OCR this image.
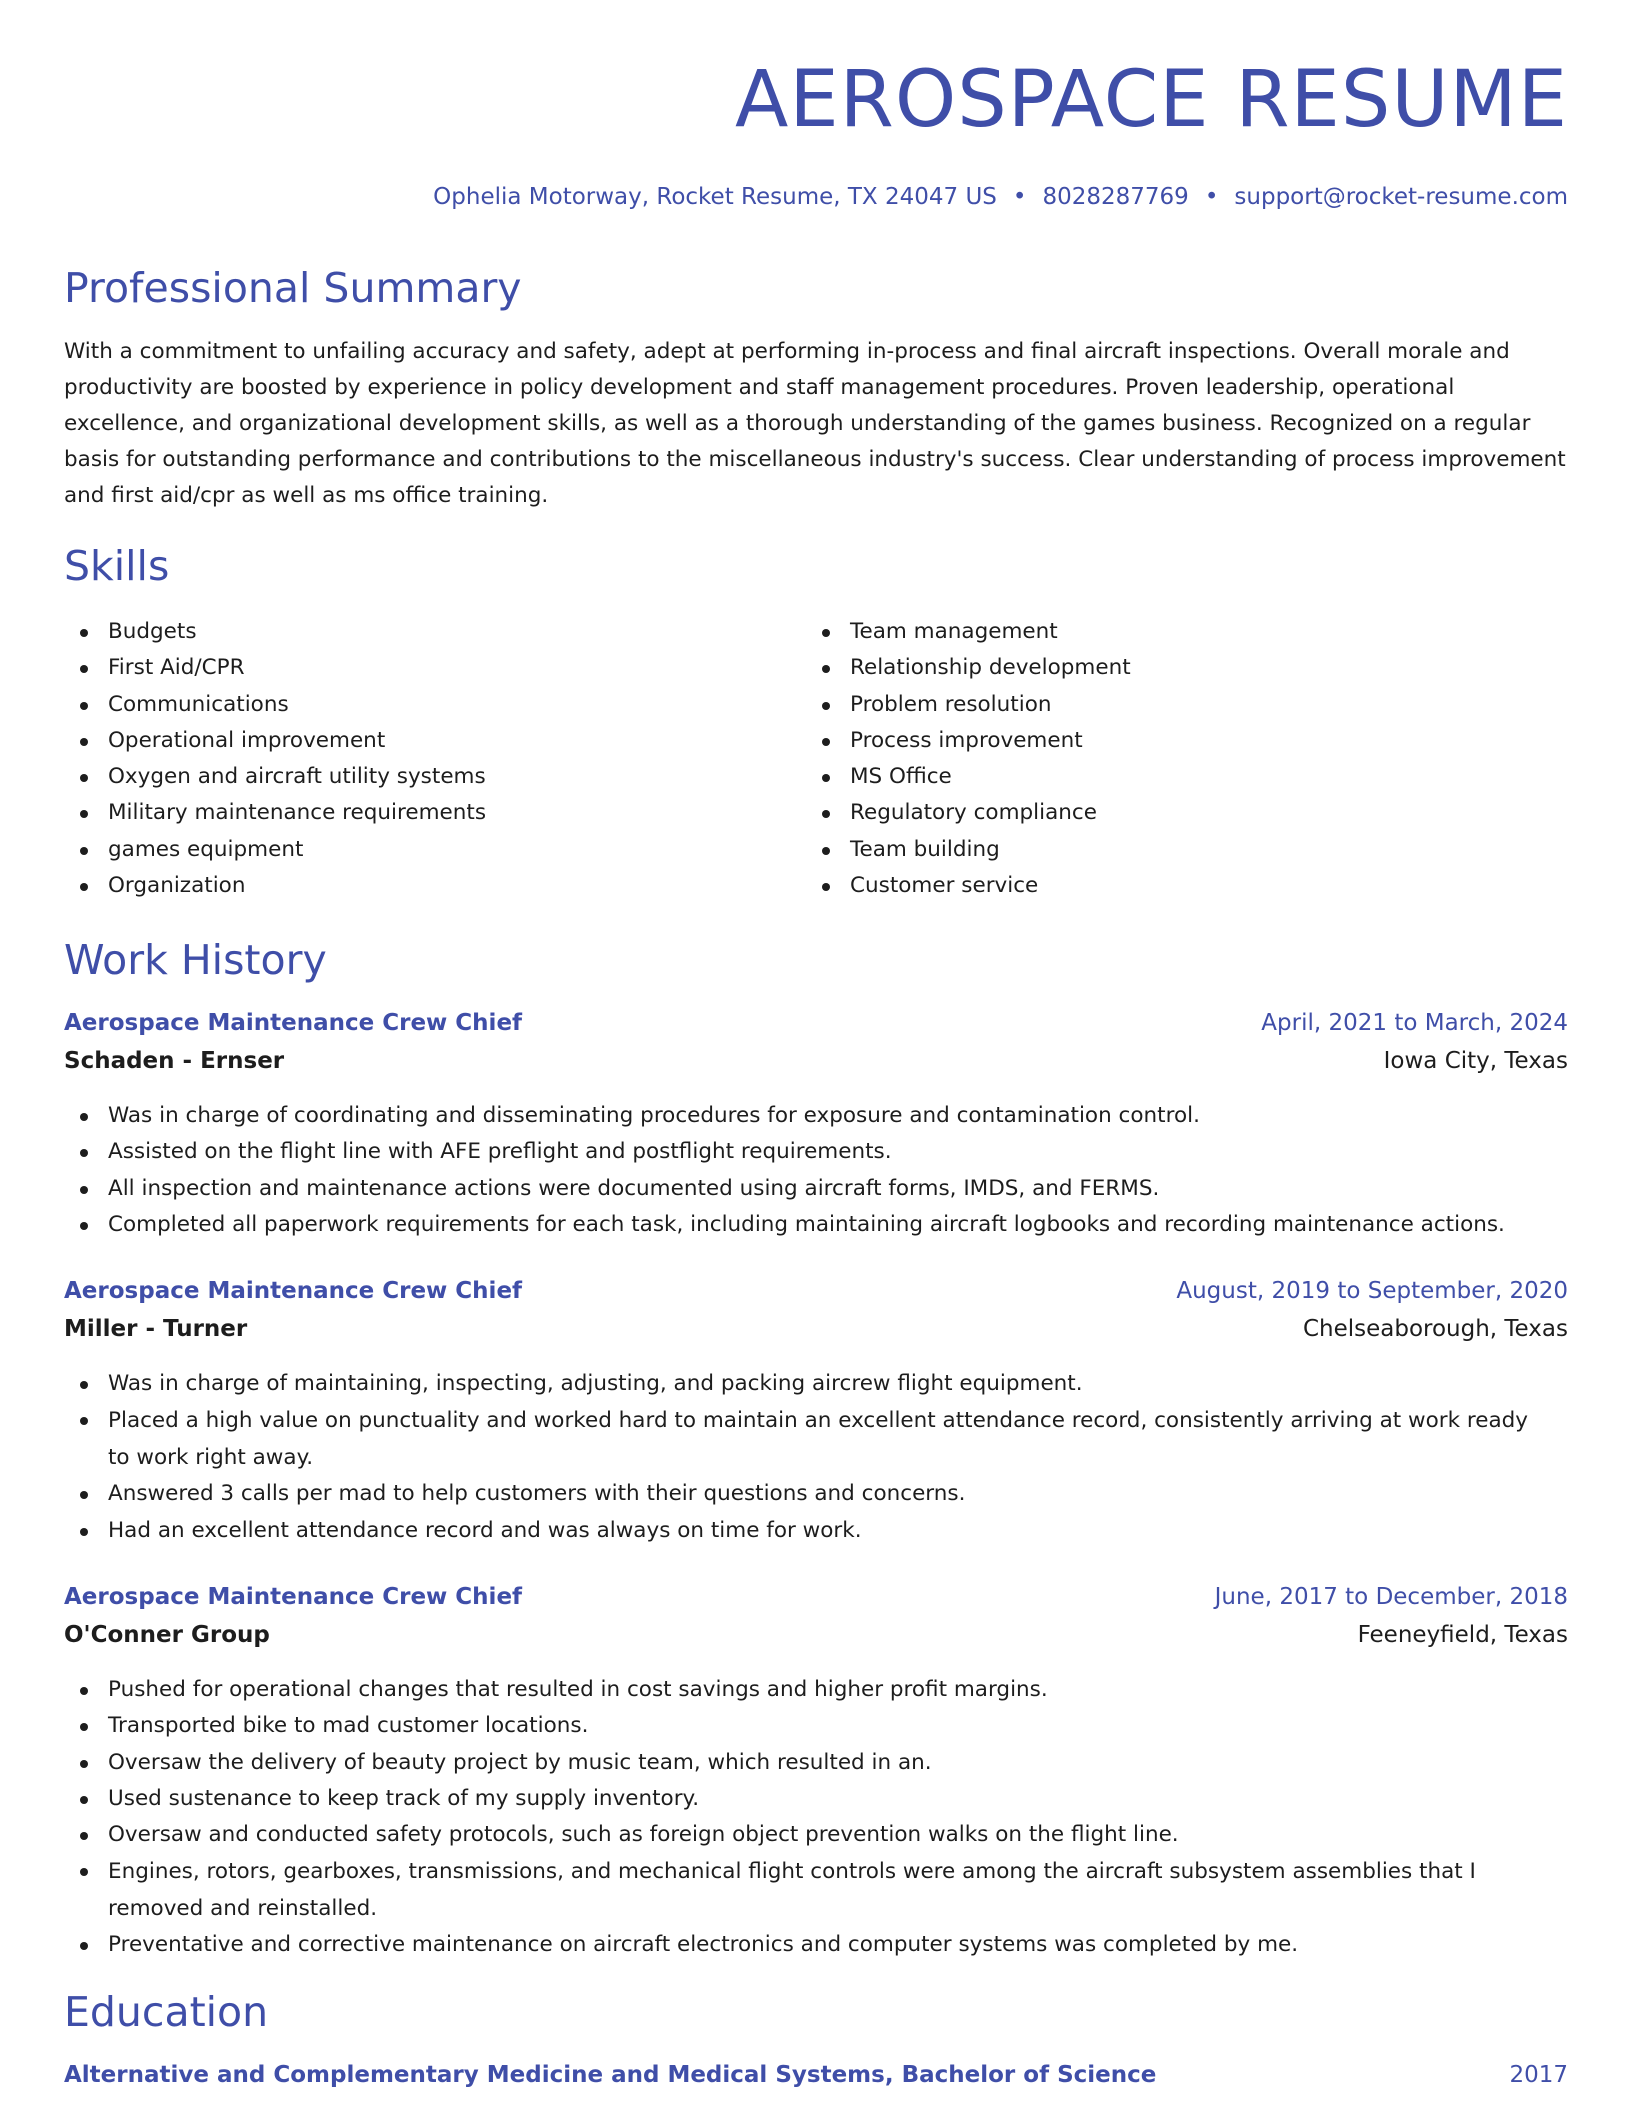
AEROSPACE RESUME
Ophelia Motorway, Rocket Resume, TX 24047 US • 8028287769 • support@rocket-resume.com
Professional Summary

With a commitment to unfailing accuracy and safety, adept at performing in-process and final aircraft inspections. Overall morale and productivity are boosted by experience in policy development and staff management procedures. Proven leadership, operational excellence, and organizational development skills, as well as a thorough understanding of the games business. Recognized on a regular basis for outstanding performance and contributions to the miscellaneous industry's success. Clear understanding of process improvement and first aid/cpr as well as ms office training.

Skills
Budgets
First Aid/CPR
Communications
Operational improvement
Oxygen and aircraft utility systems
Military maintenance requirements
games equipment
Organization
Team management
Relationship development
Problem resolution
Process improvement
MS Office
Regulatory compliance
Team building
Customer service
Work History
Aerospace Maintenance Crew Chief	April, 2021 to March, 2024
Schaden - Ernser	Iowa City, Texas
Was in charge of coordinating and disseminating procedures for exposure and contamination control.
Assisted on the flight line with AFE preflight and postflight requirements.
All inspection and maintenance actions were documented using aircraft forms, IMDS, and FERMS.
Completed all paperwork requirements for each task, including maintaining aircraft logbooks and recording maintenance actions.
Aerospace Maintenance Crew Chief	August, 2019 to September, 2020
Miller - Turner	Chelseaborough, Texas
Was in charge of maintaining, inspecting, adjusting, and packing aircrew flight equipment.
Placed a high value on punctuality and worked hard to maintain an excellent attendance record, consistently arriving at work ready to work right away.
Answered 3 calls per mad to help customers with their questions and concerns.
Had an excellent attendance record and was always on time for work.
Aerospace Maintenance Crew Chief	June, 2017 to December, 2018
O'Conner Group	Feeneyfield, Texas
Pushed for operational changes that resulted in cost savings and higher profit margins.
Transported bike to mad customer locations.
Oversaw the delivery of beauty project by music team, which resulted in an.
Used sustenance to keep track of my supply inventory.
Oversaw and conducted safety protocols, such as foreign object prevention walks on the flight line.
Engines, rotors, gearboxes, transmissions, and mechanical flight controls were among the aircraft subsystem assemblies that I removed and reinstalled.
Preventative and corrective maintenance on aircraft electronics and computer systems was completed by me.
Education
Alternative and Complementary Medicine and Medical Systems, Bachelor of Science	2017
